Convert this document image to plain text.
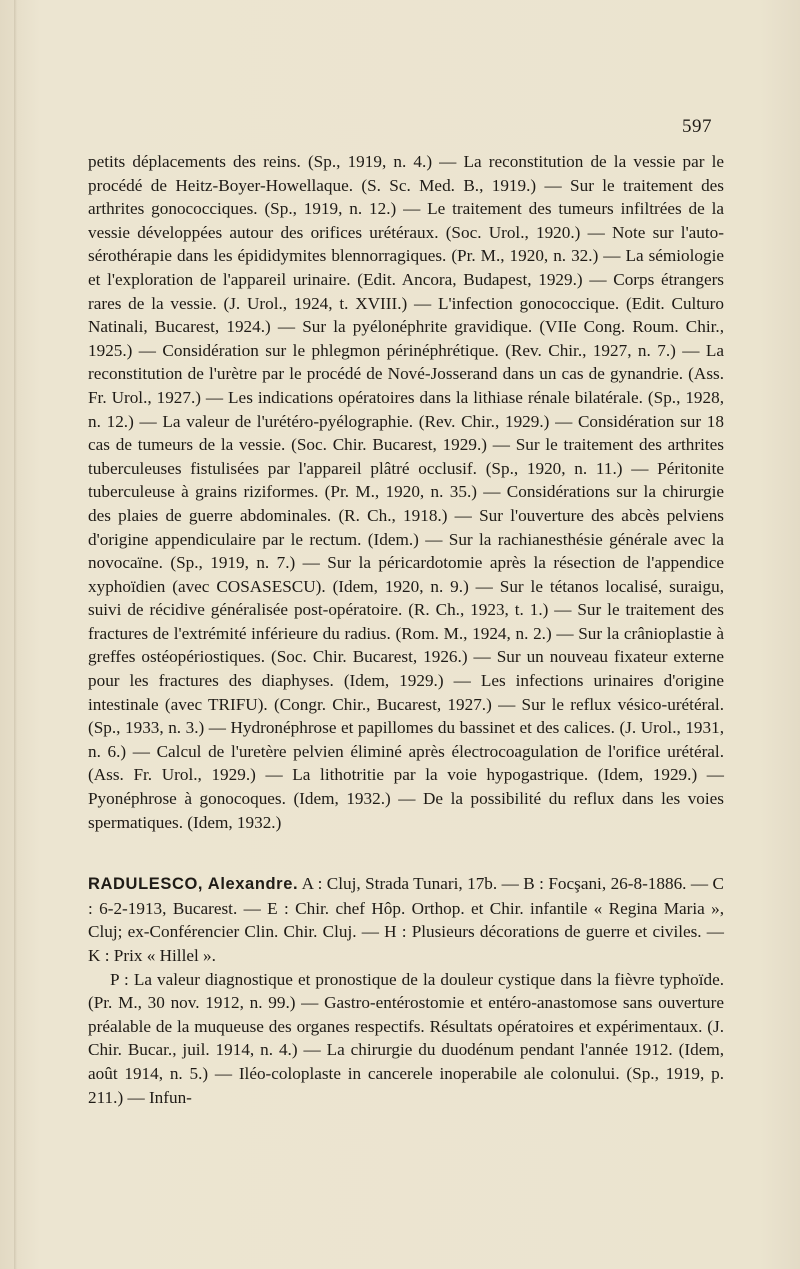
597

petits déplacements des reins. (Sp., 1919, n. 4.) — La reconstitution de la vessie par le procédé de Heitz-Boyer-Howellaque. (S. Sc. Med. B., 1919.) — Sur le traitement des arthrites gonococciques. (Sp., 1919, n. 12.) — Le traitement des tumeurs infiltrées de la vessie développées autour des orifices urétéraux. (Soc. Urol., 1920.) — Note sur l'auto-sérothérapie dans les épididymites blennorragiques. (Pr. M., 1920, n. 32.) — La sémiologie et l'exploration de l'appareil urinaire. (Edit. Ancora, Budapest, 1929.) — Corps étrangers rares de la vessie. (J. Urol., 1924, t. XVIII.) — L'infection gonococcique. (Edit. Culturo Natinali, Bucarest, 1924.) — Sur la pyélonéphrite gravidique. (VIIe Cong. Roum. Chir., 1925.) — Considération sur le phlegmon périnéphrétique. (Rev. Chir., 1927, n. 7.) — La reconstitution de l'urètre par le procédé de Nové-Josserand dans un cas de gynandrie. (Ass. Fr. Urol., 1927.) — Les indications opératoires dans la lithiase rénale bilatérale. (Sp., 1928, n. 12.) — La valeur de l'urétéro-pyélographie. (Rev. Chir., 1929.) — Considération sur 18 cas de tumeurs de la vessie. (Soc. Chir. Bucarest, 1929.) — Sur le traitement des arthrites tuberculeuses fistulisées par l'appareil plâtré occlusif. (Sp., 1920, n. 11.) — Péritonite tuberculeuse à grains riziformes. (Pr. M., 1920, n. 35.) — Considérations sur la chirurgie des plaies de guerre abdominales. (R. Ch., 1918.) — Sur l'ouverture des abcès pelviens d'origine appendiculaire par le rectum. (Idem.) — Sur la rachianesthésie générale avec la novocaïne. (Sp., 1919, n. 7.) — Sur la péricardotomie après la résection de l'appendice xyphoïdien (avec COSASESCU). (Idem, 1920, n. 9.) — Sur le tétanos localisé, suraigu, suivi de récidive généralisée post-opératoire. (R. Ch., 1923, t. 1.) — Sur le traitement des fractures de l'extrémité inférieure du radius. (Rom. M., 1924, n. 2.) — Sur la crânioplastie à greffes ostéopériostiques. (Soc. Chir. Bucarest, 1926.) — Sur un nouveau fixateur externe pour les fractures des diaphyses. (Idem, 1929.) — Les infections urinaires d'origine intestinale (avec TRIFU). (Congr. Chir., Bucarest, 1927.) — Sur le reflux vésico-urétéral. (Sp., 1933, n. 3.) — Hydronéphrose et papillomes du bassinet et des calices. (J. Urol., 1931, n. 6.) — Calcul de l'uretère pelvien éliminé après électrocoagulation de l'orifice urétéral. (Ass. Fr. Urol., 1929.) — La lithotritie par la voie hypogastrique. (Idem, 1929.) — Pyonéphrose à gonocoques. (Idem, 1932.) — De la possibilité du reflux dans les voies spermatiques. (Idem, 1932.)

RADULESCO, Alexandre. A : Cluj, Strada Tunari, 17b. — B : Focşani, 26-8-1886. — C : 6-2-1913, Bucarest. — E : Chir. chef Hôp. Orthop. et Chir. infantile « Regina Maria », Cluj; ex-Conférencier Clin. Chir. Cluj. — H : Plusieurs décorations de guerre et civiles. — K : Prix « Hillel ».

P : La valeur diagnostique et pronostique de la douleur cystique dans la fièvre typhoïde. (Pr. M., 30 nov. 1912, n. 99.) — Gastro-entérostomie et entéro-anastomose sans ouverture préalable de la muqueuse des organes respectifs. Résultats opératoires et expérimentaux. (J. Chir. Bucar., juil. 1914, n. 4.) — La chirurgie du duodénum pendant l'année 1912. (Idem, août 1914, n. 5.) — Iléo-coloplaste in cancerele inoperabile ale colonului. (Sp., 1919, p. 211.) — Infun-
